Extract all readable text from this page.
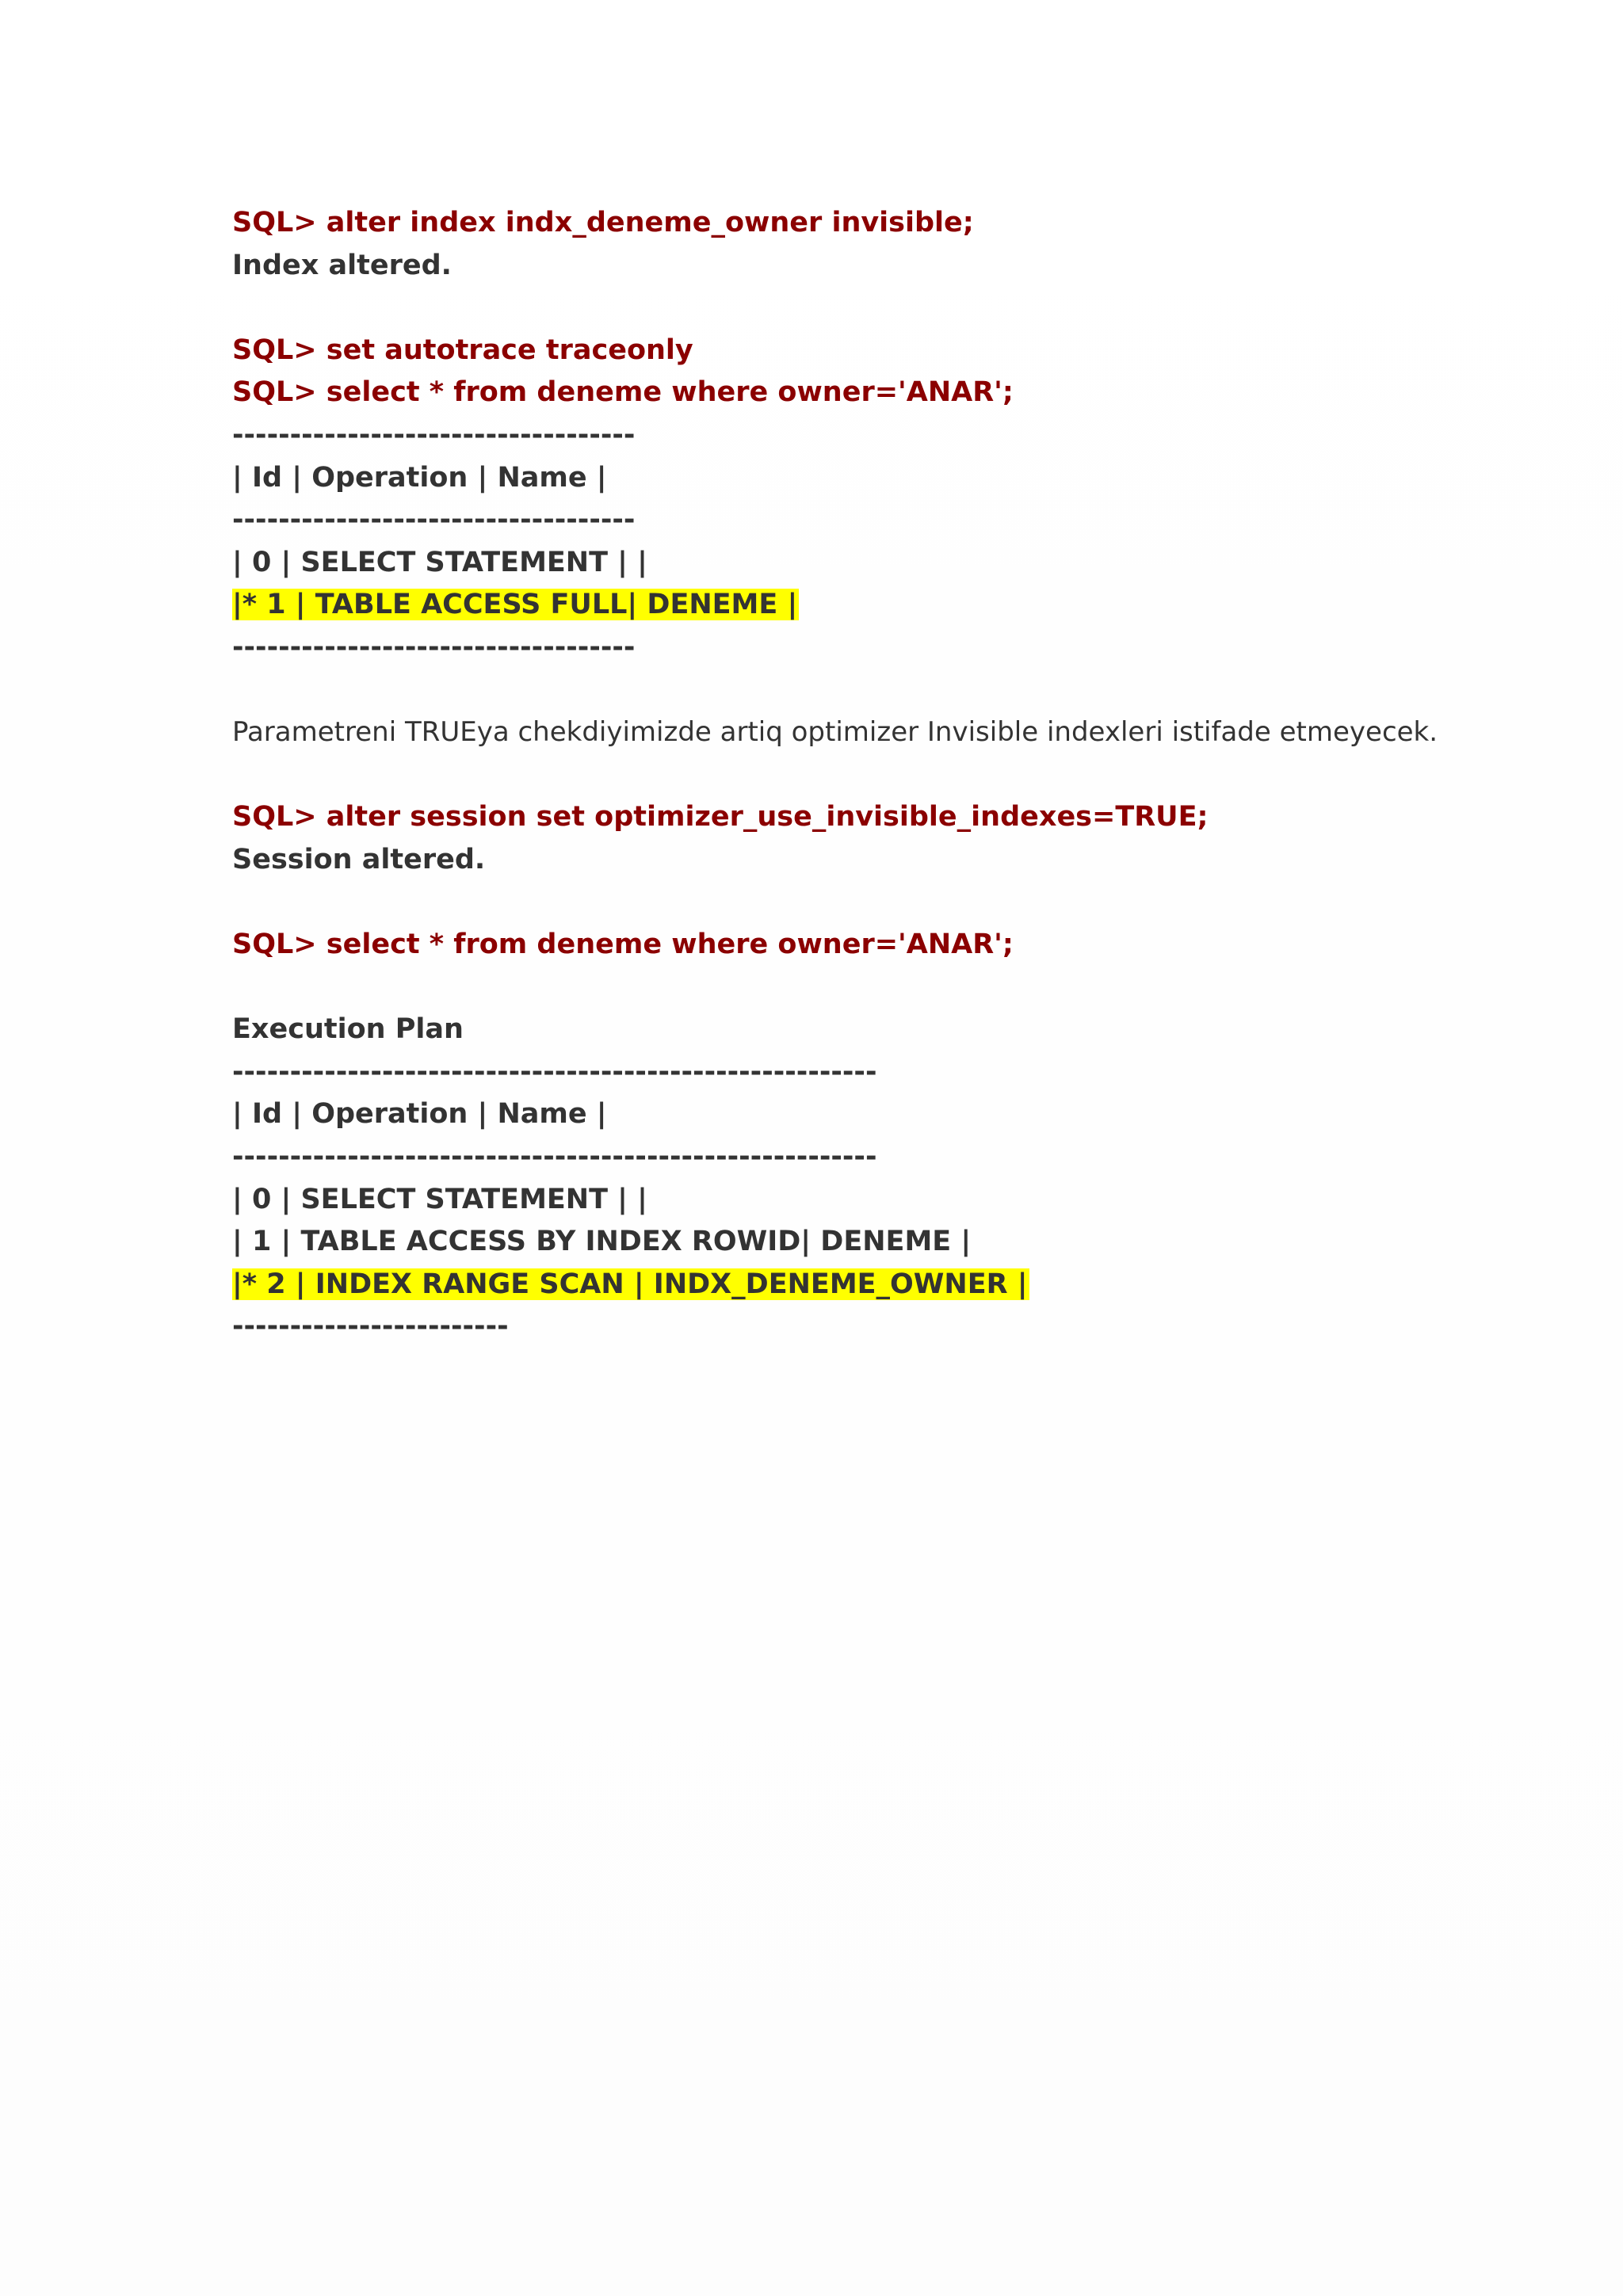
SQL> alter index indx_deneme_owner invisible;
Index altered.
SQL> set autotrace traceonly
SQL> select * from deneme where owner='ANAR';
-----------------------------------
| Id | Operation | Name |
-----------------------------------
| 0 | SELECT STATEMENT | |
|* 1 | TABLE ACCESS FULL| DENEME |
-----------------------------------
Parametreni TRUEya chekdiyimizde artiq optimizer Invisible indexleri istifade etmeyecek.
SQL> alter session set optimizer_use_invisible_indexes=TRUE;
Session altered.
SQL> select * from deneme where owner='ANAR';
Execution Plan
--------------------------------------------------------
| Id | Operation | Name |
--------------------------------------------------------
| 0 | SELECT STATEMENT | |
| 1 | TABLE ACCESS BY INDEX ROWID| DENEME |
|* 2 | INDEX RANGE SCAN | INDX_DENEME_OWNER |
------------------------
